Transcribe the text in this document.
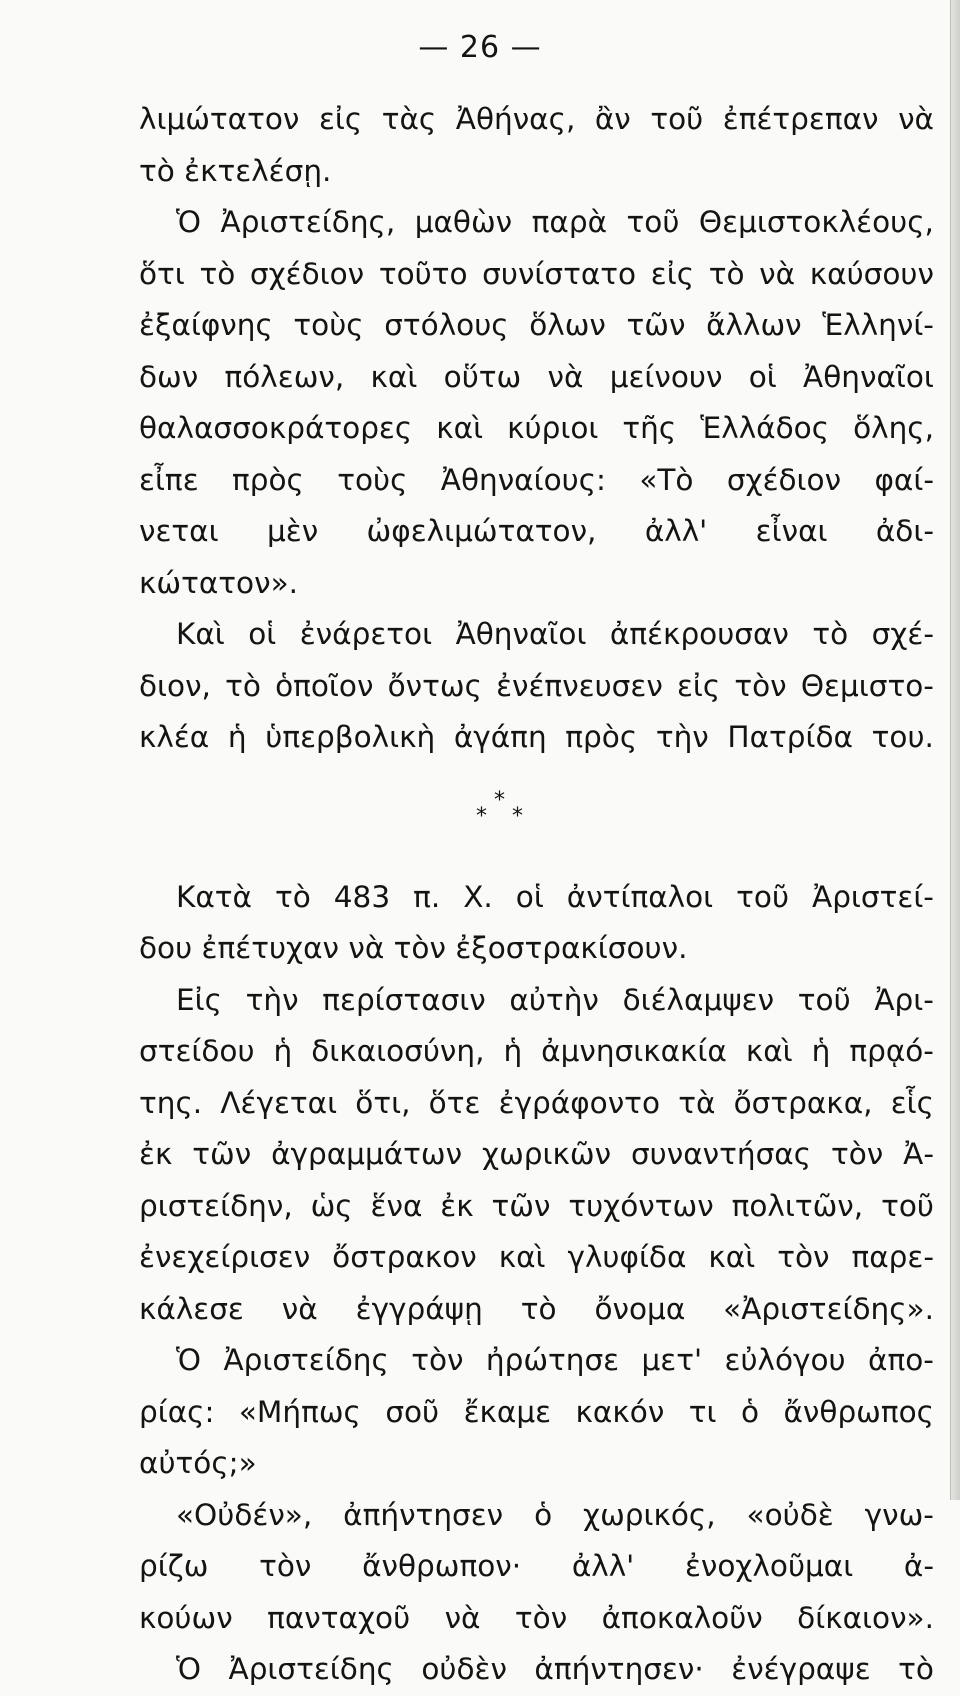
— 26 —
λιμώτατον εἰς τὰς Ἀθήνας, ἂν τοῦ ἐπέτρεπαν νὰ
τὸ ἐκτελέσῃ.
Ὁ Ἀριστείδης, μαθὼν παρὰ τοῦ Θεμιστοκλέους,
ὅτι τὸ σχέδιον τοῦτο συνίστατο εἰς τὸ νὰ καύσουν
ἐξαίφνης τοὺς στόλους ὅλων τῶν ἄλλων Ἑλληνί-
δων πόλεων, καὶ οὕτω νὰ μείνουν οἱ Ἀθηναῖοι
θαλασσοκράτορες καὶ κύριοι τῆς Ἑλλάδος ὅλης,
εἶπε πρὸς τοὺς Ἀθηναίους: «Τὸ σχέδιον φαί-
νεται μὲν ὠφελιμώτατον, ἀλλ' εἶναι ἀδι-
κώτατον».
Καὶ οἱ ἐνάρετοι Ἀθηναῖοι ἀπέκρουσαν τὸ σχέ-
διον, τὸ ὁποῖον ὄντως ἐνέπνευσεν εἰς τὸν Θεμιστο-
κλέα ἡ ὑπερβολικὴ ἀγάπη πρὸς τὴν Πατρίδα του.
*
* *
Κατὰ τὸ 483 π. Χ. οἱ ἀντίπαλοι τοῦ Ἀριστεί-
δου ἐπέτυχαν νὰ τὸν ἐξοστρακίσουν.
Εἰς τὴν περίστασιν αὐτὴν διέλαμψεν τοῦ Ἀρι-
στείδου ἡ δικαιοσύνη, ἡ ἀμνησικακία καὶ ἡ πρᾳό-
της. Λέγεται ὅτι, ὅτε ἐγράφοντο τὰ ὄστρακα, εἷς
ἐκ τῶν ἀγραμμάτων χωρικῶν συναντήσας τὸν Ἀ-
ριστείδην, ὡς ἕνα ἐκ τῶν τυχόντων πολιτῶν, τοῦ
ἐνεχείρισεν ὄστρακον καὶ γλυφίδα καὶ τὸν παρε-
κάλεσε νὰ ἐγγράψῃ τὸ ὄνομα «Ἀριστείδης».
Ὁ Ἀριστείδης τὸν ἠρώτησε μετ' εὐλόγου ἀπο-
ρίας: «Μήπως σοῦ ἔκαμε κακόν τι ὁ ἄνθρωπος
αὐτός;»
«Οὐδέν», ἀπήντησεν ὁ χωρικός, «οὐδὲ γνω-
ρίζω τὸν ἄνθρωπον· ἀλλ' ἐνοχλοῦμαι ἀ-
κούων πανταχοῦ νὰ τὸν ἀποκαλοῦν δίκαιον».
Ὁ Ἀριστείδης οὐδὲν ἀπήντησεν· ἐνέγραψε τὸ
